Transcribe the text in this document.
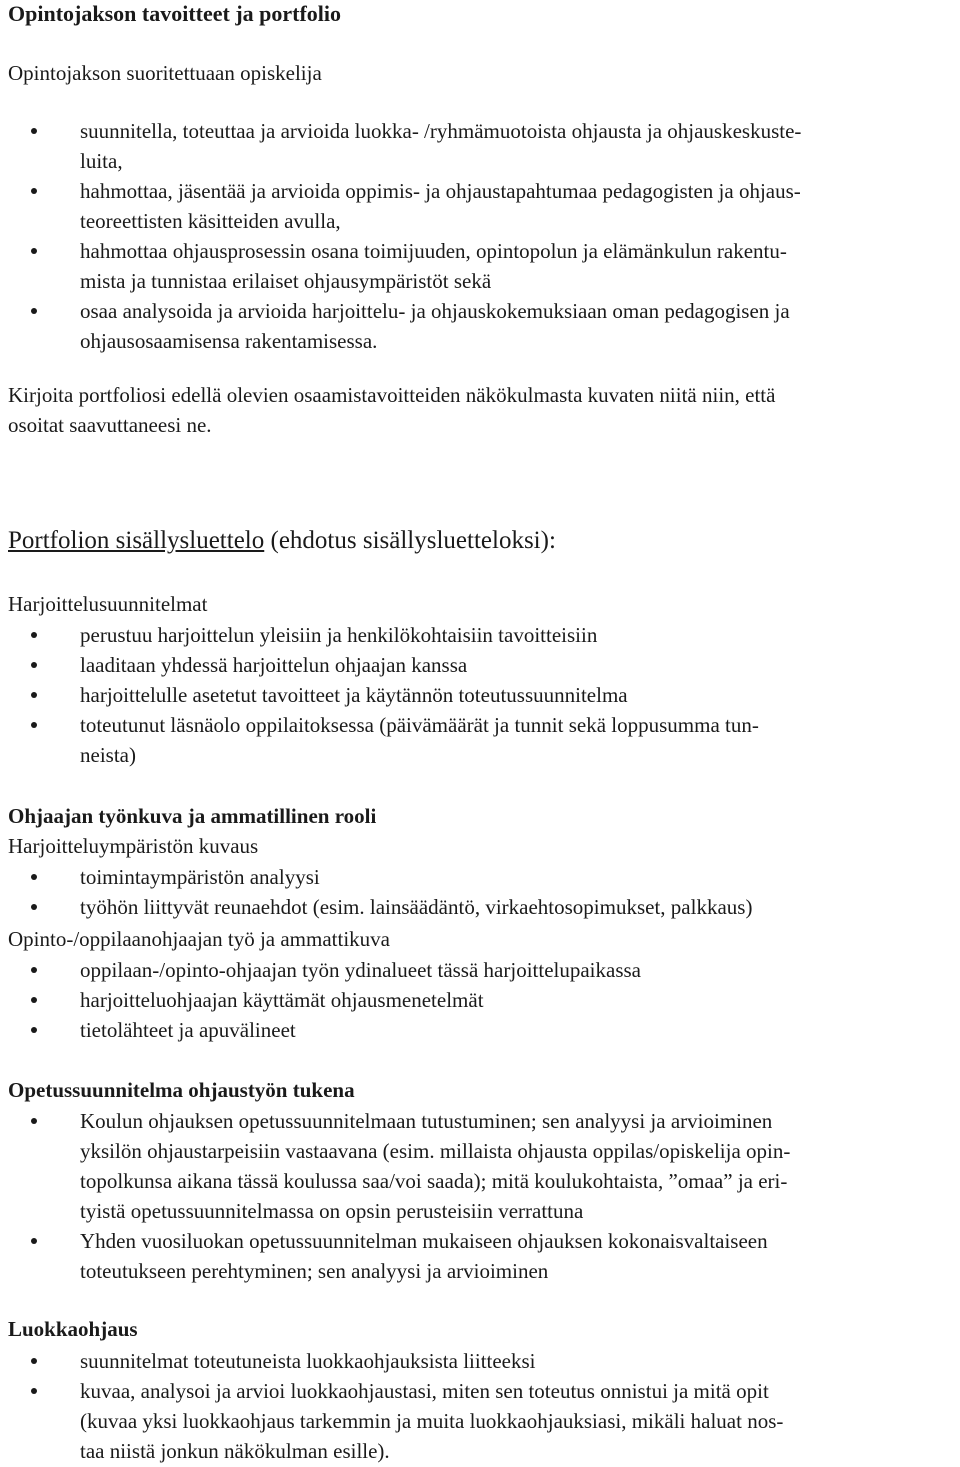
Opintojakson tavoitteet ja portfolio
Opintojakson suoritettuaan opiskelija
suunnitella, toteuttaa ja arvioida luokka- /ryhmämuotoista ohjausta ja ohjauskeskuste-
luita,
hahmottaa, jäsentää ja arvioida oppimis- ja ohjaustapahtumaa pedagogisten ja ohjaus-
teoreettisten käsitteiden avulla,
hahmottaa ohjausprosessin osana toimijuuden, opintopolun ja elämänkulun rakentu-
mista ja tunnistaa erilaiset ohjausympäristöt sekä
osaa analysoida ja arvioida harjoittelu- ja ohjauskokemuksiaan oman pedagogisen ja
ohjausosaamisensa rakentamisessa.
Kirjoita portfoliosi edellä olevien osaamistavoitteiden näkökulmasta kuvaten niitä niin, että
osoitat saavuttaneesi ne.
Portfolion sisällysluettelo (ehdotus sisällysluetteloksi):
Harjoittelusuunnitelmat
perustuu harjoittelun yleisiin ja henkilökohtaisiin tavoitteisiin
laaditaan yhdessä harjoittelun ohjaajan kanssa
harjoittelulle asetetut tavoitteet ja käytännön toteutussuunnitelma
toteutunut läsnäolo oppilaitoksessa (päivämäärät ja tunnit sekä loppusumma tun-
neista)
Ohjaajan työnkuva ja ammatillinen rooli
Harjoitteluympäristön kuvaus
toimintaympäristön analyysi
työhön liittyvät reunaehdot (esim. lainsäädäntö, virkaehtosopimukset, palkkaus)
Opinto-/oppilaanohjaajan työ ja ammattikuva
oppilaan-/opinto-ohjaajan työn ydinalueet tässä harjoittelupaikassa
harjoitteluohjaajan käyttämät ohjausmenetelmät
tietolähteet ja apuvälineet
Opetussuunnitelma ohjaustyön tukena
Koulun ohjauksen opetussuunnitelmaan tutustuminen; sen analyysi ja arvioiminen
yksilön ohjaustarpeisiin vastaavana (esim. millaista ohjausta oppilas/opiskelija opin-
topolkunsa aikana tässä koulussa saa/voi saada); mitä koulukohtaista, ”omaa” ja eri-
tyistä opetussuunnitelmassa on opsin perusteisiin verrattuna
Yhden vuosiluokan opetussuunnitelman mukaiseen ohjauksen kokonaisvaltaiseen
toteutukseen perehtyminen; sen analyysi ja arvioiminen
Luokkaohjaus
suunnitelmat toteutuneista luokkaohjauksista liitteeksi
kuvaa, analysoi ja arvioi luokkaohjaustasi, miten sen toteutus onnistui ja mitä opit
(kuvaa yksi luokkaohjaus tarkemmin ja muita luokkaohjauksiasi, mikäli haluat nos-
taa niistä jonkun näkökulman esille).
